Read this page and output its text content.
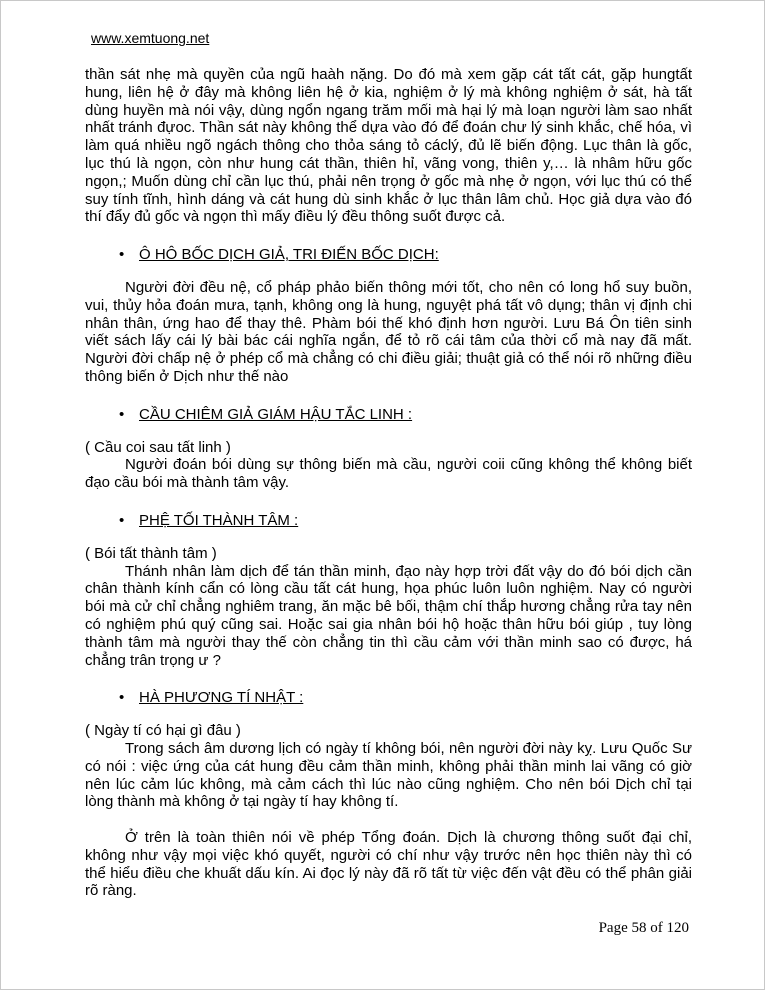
www.xemtuong.net

thần sát nhẹ mà quyền của ngũ haàh nặng. Do đó mà xem gặp cát tất cát, gặp hungtất hung, liên hệ ở đây mà không liên hệ ở kia, nghiệm ở lý mà không nghiệm ở sát, hà tất dùng huyền mà nói vậy, dùng ngổn ngang trăm mối mà hại lý mà loạn người làm sao nhất nhất tránh đựoc. Thần sát này không thể dựa vào đó để đoán chư lý sinh khắc, chế hóa, vì làm quá nhiều ngõ ngách thông cho thỏa sáng tỏ cáclý, đủ lẽ biến động. Lục thân là gốc, lục thú là ngọn, còn như hung cát thần, thiên hỉ, vãng vong, thiên y,… là nhâm hữu gốc ngọn,; Muốn dùng chỉ cần lục thú, phải nên trọng ở gốc mà nhẹ ở ngọn, với lục thú có thể suy tính tĩnh, hình dáng và cát hung dù sinh khắc ở lục thân lâm chủ. Học giả dựa vào đó thí đẩy đủ gốc và ngọn thì mấy điều lý đều thông suốt được cả.

• Ô HÔ BỐC DỊCH GIẢ, TRI ĐIẾN BỐC DỊCH:

Người đời đều nệ, cổ pháp phảo biến thông mới tốt, cho nên có long hổ suy buồn, vui, thủy hỏa đoán mưa, tạnh, không ong là hung, nguyệt phá tất vô dụng; thân vị định chi nhân thân, ứng hao để thay thê. Phàm bói thế khó định hơn người. Lưu Bá Ôn tiên sinh viết sách lấy cái lý bài bác cái nghĩa ngắn, để tỏ rõ cái tâm của thời cổ mà nay đã mất. Người đời chấp nệ ở phép cổ mà chẳng có chi điều giải; thuật giả có thể nói rõ những điều thông biến ở Dịch như thế nào

• CẦU CHIÊM GIẢ GIÁM HẬU TẮC LINH :

( Cầu coi sau tất linh )

Người đoán bói dùng sự thông biến mà cầu, người coii cũng không thể không biết đạo cầu bói mà thành tâm vậy.

• PHỆ TỐI THÀNH TÂM :

( Bói tất thành tâm )

Thánh nhân làm dịch để tán thần minh, đạo này hợp trời đất vậy do đó bói dịch cần chân thành kính cẩn có lòng cầu tất cát hung, họa phúc luôn luôn nghiệm. Nay có người bói mà cử chỉ chẳng nghiêm trang, ăn mặc bê bối, thậm chí thắp hương chẳng rửa tay nên có nghiệm phú quý cũng sai. Hoặc sai gia nhân bói hộ hoặc thân hữu bói giúp , tuy lòng thành tâm mà người thay thế còn chẳng tin thì cầu cảm với thần minh sao có được, há chẳng trân trọng ư ?

• HÀ PHƯƠNG TÍ NHẬT :

( Ngày tí có hại gì đâu )

Trong sách âm dương lịch có ngày tí không bói, nên người đời này kỵ. Lưu Quốc Sư có nói : việc ứng của cát hung đều cảm thần minh, không phải thần minh lai vãng có giờ nên lúc cảm lúc không, mà cảm cách thì lúc nào cũng nghiệm. Cho nên bói Dịch chỉ tại lòng thành mà không ở tại ngày tí hay không tí.

Ở trên là toàn thiên nói về phép Tổng đoán. Dịch là chương thông suốt đại chỉ, không như vậy mọi việc khó quyết, người có chí như vậy trước nên học thiên này thì có thể hiểu điều che khuất dấu kín. Ai đọc lý này đã rõ tất từ việc đến vật đều có thể phân giải rõ ràng.

Page 58 of 120
